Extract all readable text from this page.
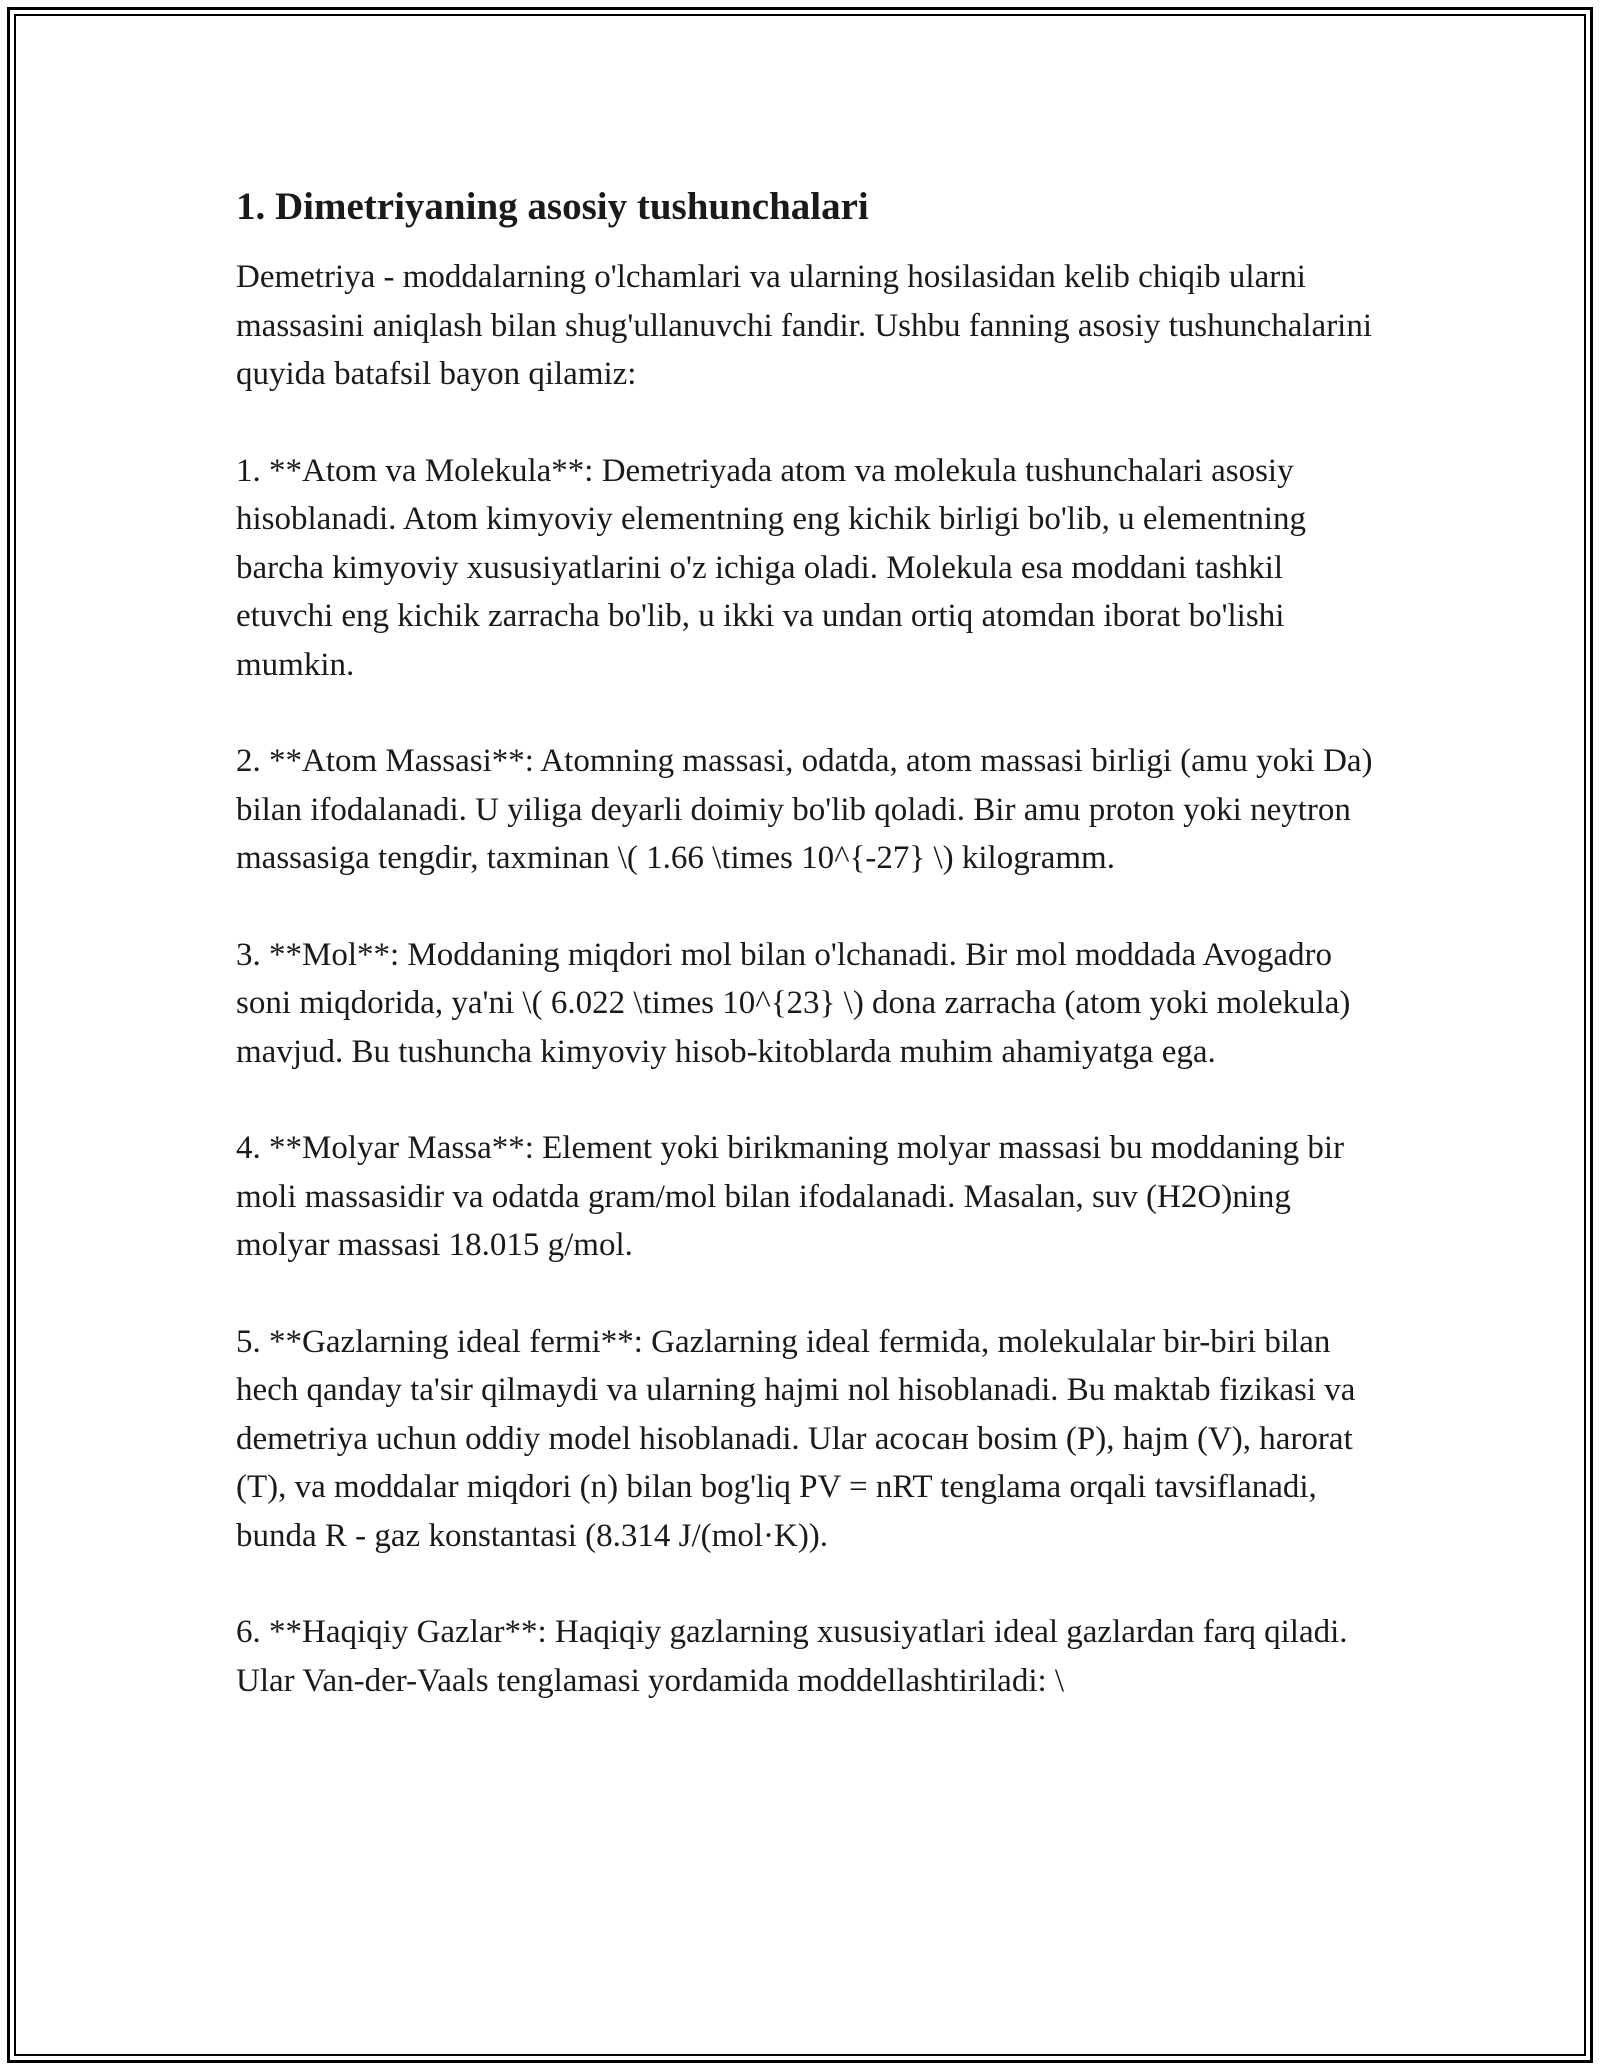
1. Dimetriyaning asosiy tushunchalari

Demetriya - moddalarning o'lchamlari va ularning hosilasidan kelib chiqib ularni massasini aniqlash bilan shug'ullanuvchi fandir. Ushbu fanning asosiy tushunchalarini quyida batafsil bayon qilamiz:

1. **Atom va Molekula**: Demetriyada atom va molekula tushunchalari asosiy hisoblanadi. Atom kimyoviy elementning eng kichik birligi bo'lib, u elementning barcha kimyoviy xususiyatlarini o'z ichiga oladi. Molekula esa moddani tashkil etuvchi eng kichik zarracha bo'lib, u ikki va undan ortiq atomdan iborat bo'lishi mumkin.

2. **Atom Massasi**: Atomning massasi, odatda, atom massasi birligi (amu yoki Da) bilan ifodalanadi. U yiliga deyarli doimiy bo'lib qoladi. Bir amu proton yoki neytron massasiga tengdir, taxminan \( 1.66 \times 10^{-27} \) kilogramm.

3. **Mol**: Moddaning miqdori mol bilan o'lchanadi. Bir mol moddada Avogadro soni miqdorida, ya'ni \( 6.022 \times 10^{23} \) dona zarracha (atom yoki molekula) mavjud. Bu tushuncha kimyoviy hisob-kitoblarda muhim ahamiyatga ega.

4. **Molyar Massa**: Element yoki birikmaning molyar massasi bu moddaning bir moli massasidir va odatda gram/mol bilan ifodalanadi. Masalan, suv (H2O)ning molyar massasi 18.015 g/mol.

5. **Gazlarning ideal fermi**: Gazlarning ideal fermida, molekulalar bir-biri bilan hech qanday ta'sir qilmaydi va ularning hajmi nol hisoblanadi. Bu maktab fizikasi va demetriya uchun oddiy model hisoblanadi. Ular асосан bosim (P), hajm (V), harorat (T), va moddalar miqdori (n) bilan bog'liq PV = nRT tenglama orqali tavsiflanadi, bunda R - gaz konstantasi (8.314 J/(mol·K)).

6. **Haqiqiy Gazlar**: Haqiqiy gazlarning xususiyatlari ideal gazlardan farq qiladi. Ular Van-der-Vaals tenglamasi yordamida moddellashtiriladi: \
